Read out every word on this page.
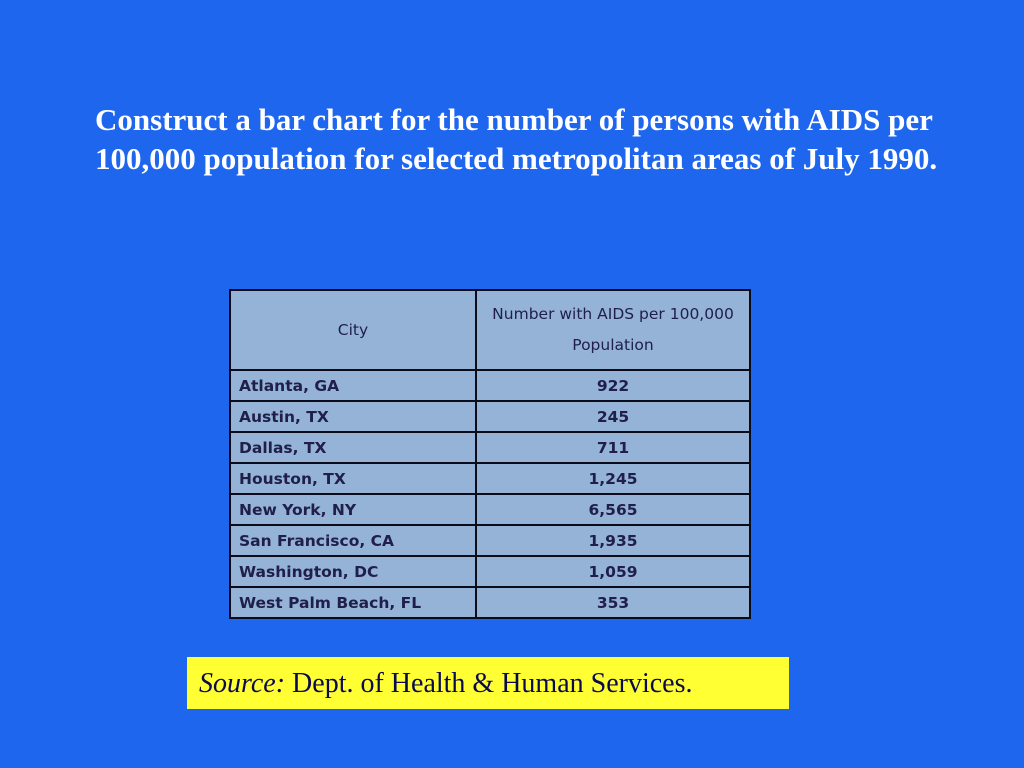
Construct a bar chart for the number of persons with AIDS per 100,000 population for selected metropolitan areas of July 1990.
City	Number with AIDS per 100,000 Population
Atlanta, GA	922
Austin, TX	245
Dallas, TX	711
Houston, TX	1,245
New York, NY	6,565
San Francisco, CA	1,935
Washington, DC	1,059
West Palm Beach, FL	353
Source: Dept. of Health & Human Services.
